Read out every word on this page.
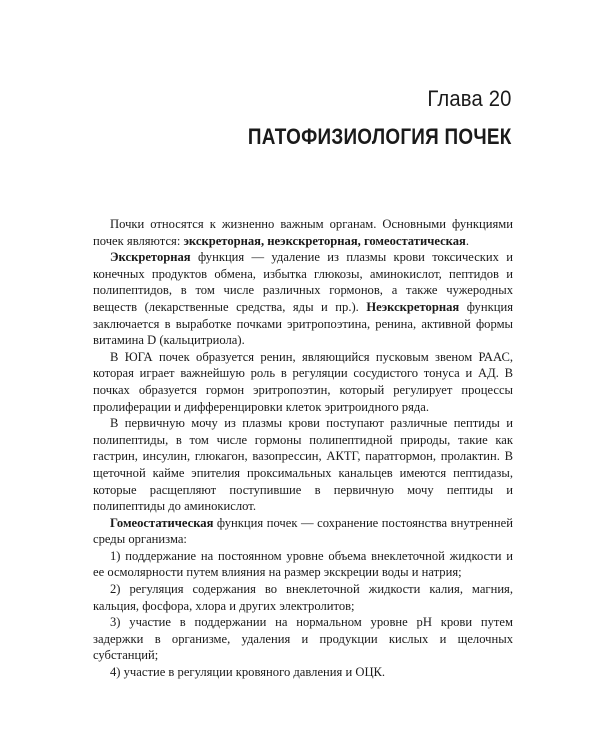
Глава 20
ПАТОФИЗИОЛОГИЯ ПОЧЕК

Почки относятся к жизненно важным органам. Основными функциями почек являются: экскреторная, неэкскреторная, гомеостатическая.

Экскреторная функция — удаление из плазмы крови токсических и конечных продуктов обмена, избытка глюкозы, аминокислот, пептидов и полипептидов, в том числе различных гормонов, а также чужеродных веществ (лекарственные средства, яды и пр.). Неэкскреторная функция заключается в выработке почками эритропоэтина, ренина, активной формы витамина D (кальцитриола).

В ЮГА почек образуется ренин, являющийся пусковым звеном РААС, которая играет важнейшую роль в регуляции сосудистого тонуса и АД. В почках образуется гормон эритропоэтин, который регулирует процессы пролиферации и дифференцировки клеток эритроидного ряда.

В первичную мочу из плазмы крови поступают различные пептиды и полипептиды, в том числе гормоны полипептидной природы, такие как гастрин, инсулин, глюкагон, вазопрессин, АКТГ, паратгормон, пролактин. В щеточной кайме эпителия проксимальных канальцев имеются пептидазы, которые расщепляют поступившие в первичную мочу пептиды и полипептиды до аминокислот.

Гомеостатическая функция почек — сохранение постоянства внутренней среды организма:

1) поддержание на постоянном уровне объема внеклеточной жидкости и ее осмолярности путем влияния на размер экскреции воды и натрия;

2) регуляция содержания во внеклеточной жидкости калия, магния, кальция, фосфора, хлора и других электролитов;

3) участие в поддержании на нормальном уровне pH крови путем задержки в организме, удаления и продукции кислых и щелочных субстанций;

4) участие в регуляции кровяного давления и ОЦК.
